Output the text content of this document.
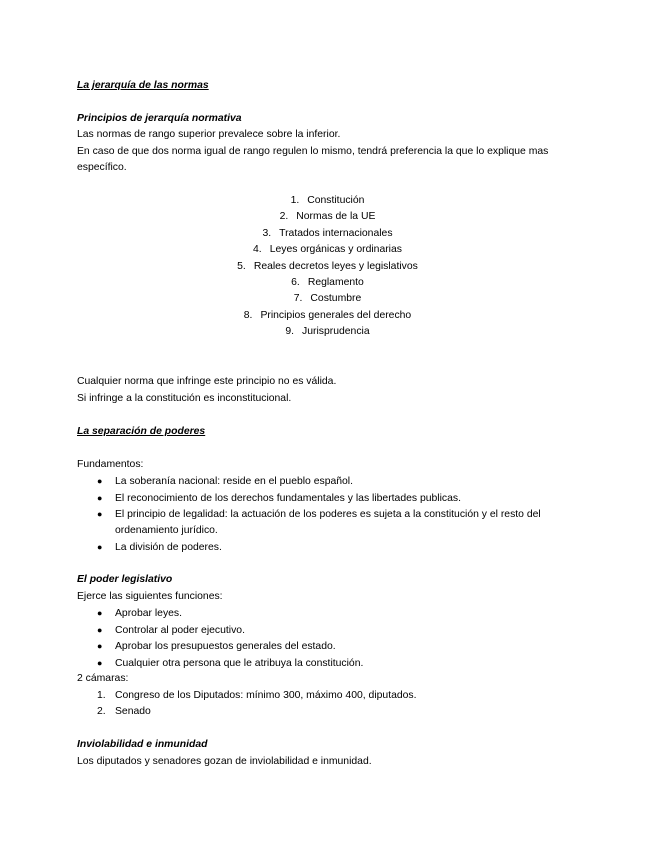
La jerarquía de las normas
Principios de jerarquía normativa
Las normas de rango superior prevalece sobre la inferior.
En caso de que dos norma igual de rango regulen lo mismo, tendrá preferencia la que lo explique mas
específico.
1. Constitución
2. Normas de la UE
3. Tratados internacionales
4. Leyes orgánicas y ordinarias
5. Reales decretos leyes y legislativos
6. Reglamento
7. Costumbre
8. Principios generales del derecho
9. Jurisprudencia
Cualquier norma que infringe este principio no es válida.
Si infringe a la constitución es inconstitucional.
La separación de poderes
Fundamentos:
● La soberanía nacional: reside en el pueblo español.
● El reconocimiento de los derechos fundamentales y las libertades publicas.
● El principio de legalidad: la actuación de los poderes es sujeta a la constitución y el resto del
ordenamiento jurídico.
● La división de poderes.
El poder legislativo
Ejerce las siguientes funciones:
● Aprobar leyes.
● Controlar al poder ejecutivo.
● Aprobar los presupuestos generales del estado.
● Cualquier otra persona que le atribuya la constitución.
2 cámaras:
1. Congreso de los Diputados: mínimo 300, máximo 400, diputados.
2. Senado
Inviolabilidad e inmunidad
Los diputados y senadores gozan de inviolabilidad e inmunidad.
